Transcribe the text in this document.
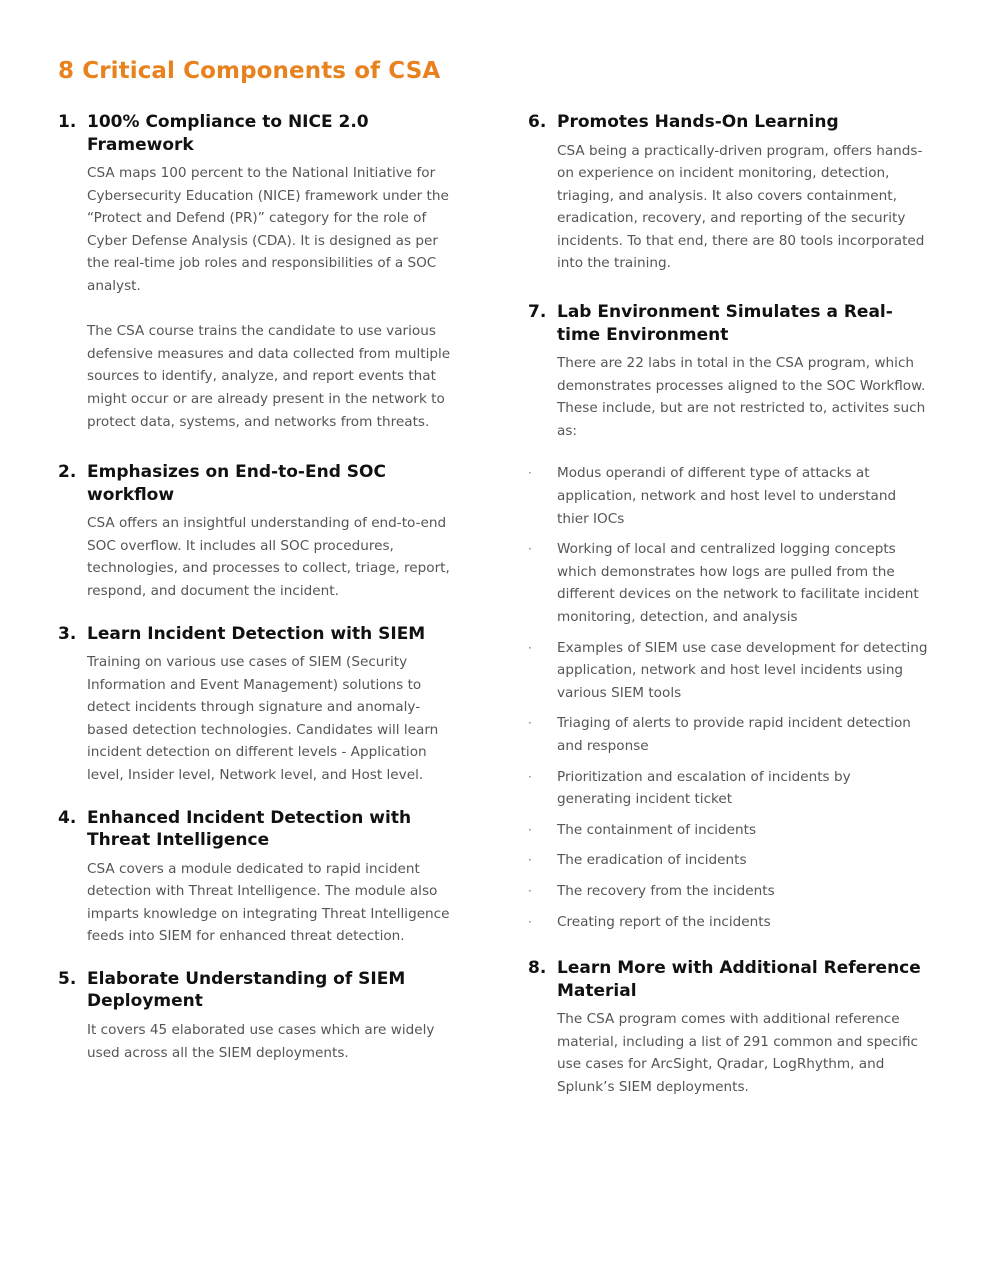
8 Critical Components of CSA
1. 100% Compliance to NICE 2.0 Framework

CSA maps 100 percent to the National Initiative for Cybersecurity Education (NICE) framework under the “Protect and Defend (PR)” category for the role of Cyber Defense Analysis (CDA). It is designed as per the real-time job roles and responsibilities of a SOC analyst.

The CSA course trains the candidate to use various defensive measures and data collected from multiple sources to identify, analyze, and report events that might occur or are already present in the network to protect data, systems, and networks from threats.

2. Emphasizes on End-to-End SOC workflow

CSA offers an insightful understanding of end-to-end SOC overflow. It includes all SOC procedures, technologies, and processes to collect, triage, report, respond, and document the incident.

3. Learn Incident Detection with SIEM

Training on various use cases of SIEM (Security Information and Event Management) solutions to detect incidents through signature and anomaly-based detection technologies. Candidates will learn incident detection on different levels - Application level, Insider level, Network level, and Host level.

4. Enhanced Incident Detection with Threat Intelligence

CSA covers a module dedicated to rapid incident detection with Threat Intelligence. The module also imparts knowledge on integrating Threat Intelligence feeds into SIEM for enhanced threat detection.

5. Elaborate Understanding of SIEM Deployment

It covers 45 elaborated use cases which are widely used across all the SIEM deployments.

6. Promotes Hands-On Learning

CSA being a practically-driven program, offers hands-on experience on incident monitoring, detection, triaging, and analysis. It also covers containment, eradication, recovery, and reporting of the security incidents. To that end, there are 80 tools incorporated into the training.

7. Lab Environment Simulates a Real-time Environment

There are 22 labs in total in the CSA program, which demonstrates processes aligned to the SOC Workflow. These include, but are not restricted to, activites such as:

· Modus operandi of different type of attacks at application, network and host level to understand thier IOCs
· Working of local and centralized logging concepts which demonstrates how logs are pulled from the different devices on the network to facilitate incident monitoring, detection, and analysis
· Examples of SIEM use case development for detecting application, network and host level incidents using various SIEM tools
· Triaging of alerts to provide rapid incident detection and response
· Prioritization and escalation of incidents by generating incident ticket
· The containment of incidents
· The eradication of incidents
· The recovery from the incidents
· Creating report of the incidents
8. Learn More with Additional Reference Material

The CSA program comes with additional reference material, including a list of 291 common and specific use cases for ArcSight, Qradar, LogRhythm, and Splunk’s SIEM deployments.
